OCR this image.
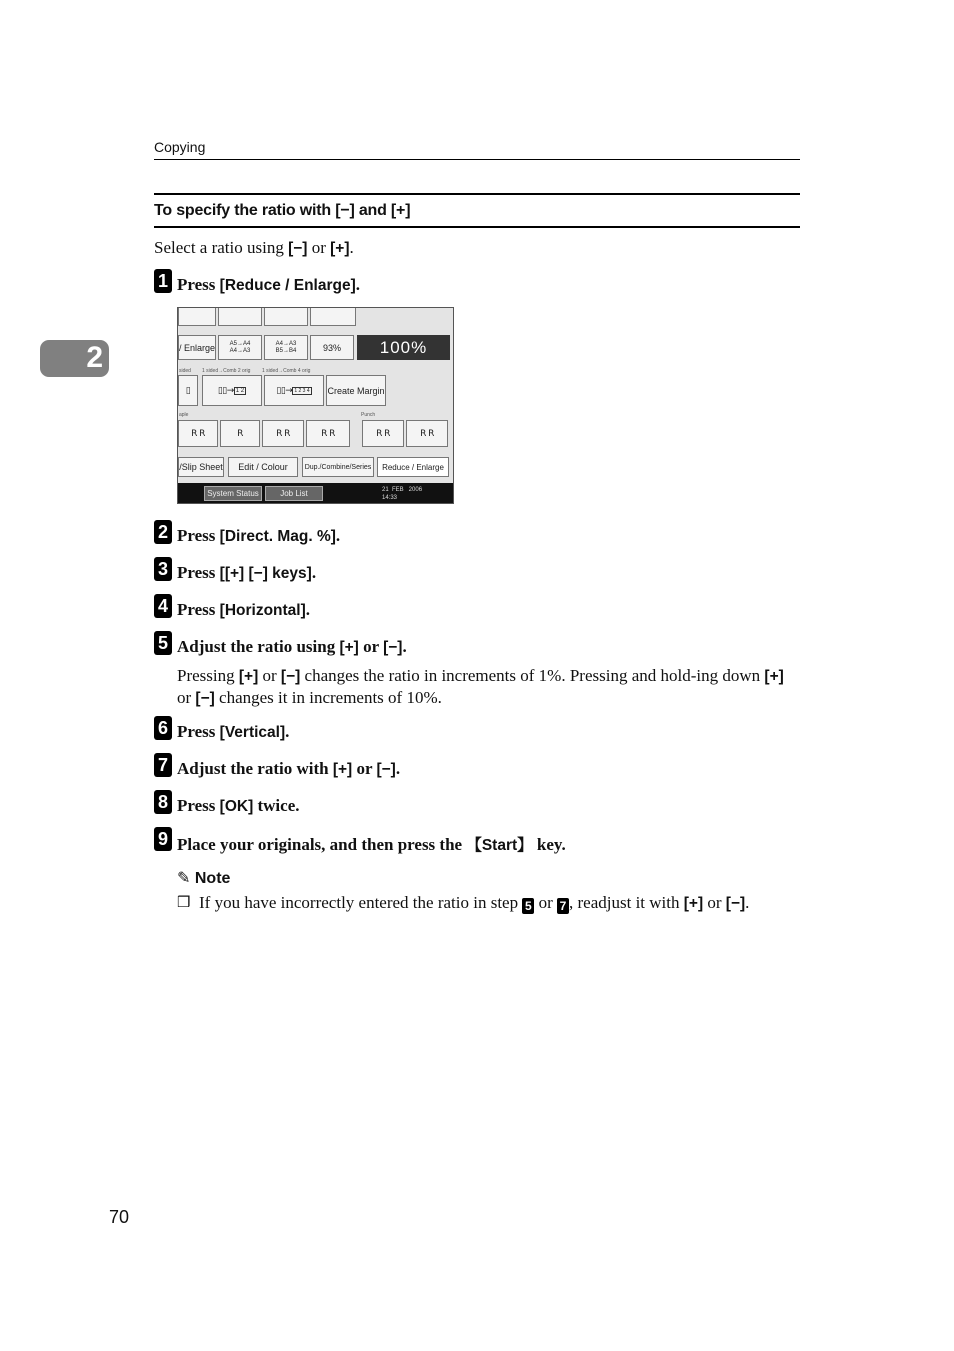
Copying
2
To specify the ratio with [−] and [+]
Select a ratio using [−] or [+].
1 Press [Reduce / Enlarge].
/ Enlarge	A5→A4
A4→A3
A4→A3
B5→B4	93%	100%
sided 1 sided→Comb 2 orig 1 sided→Comb 4 orig
▯	▯▯→ 1 2	▯▯→ 1 2 3 4 Create Margin
aple	Punch
R R	R	R R	R R	R R	R R
/Slip Sheet	Edit / Colour	Dup./Combine/Series	Reduce / Enlarge
System Status	Job List	21  FEB   2006
14:33
2 Press [Direct. Mag. %].
3 Press [[+] [−] keys].
4 Press [Horizontal].
5 Adjust the ratio using [+] or [−].
Pressing [+] or [−] changes the ratio in increments of 1%. Pressing and hold-ing down [+] or [−] changes it in increments of 10%.
6 Press [Vertical].
7 Adjust the ratio with [+] or [−].
8 Press [OK] twice.
9 Place your originals, and then press the 【Start】 key.
✎ Note
❒ If you have incorrectly entered the ratio in step 5 or 7 , readjust it with [+] or [−].
70
